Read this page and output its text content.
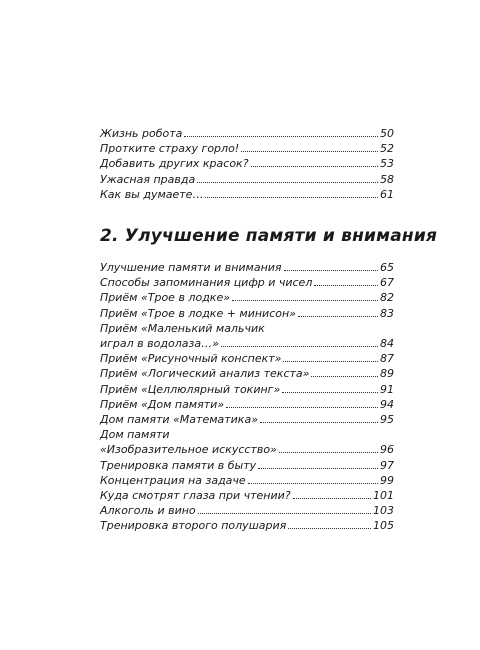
Жизнь робота	50
Протките страху горло!	52
Добавить других красок?	53
Ужасная правда	58
Как вы думаете…	61
2. Улучшение памяти и внимания
Улучшение памяти и внимания	65
Способы запоминания цифр и чисел	67
Приём «Трое в лодке»	82
Приём «Трое в лодке + минисон»	83
Приём «Маленький мальчик
играл в водолаза…»	84
Приём «Рисуночный конспект»	87
Приём «Логический анализ текста»	89
Приём «Целлюлярный токинг»	91
Приём «Дом памяти»	94
Дом памяти «Математика»	95
Дом памяти
«Изобразительное искусство»	96
Тренировка памяти в быту	97
Концентрация на задаче	99
Куда смотрят глаза при чтении?	101
Алкоголь и вино	103
Тренировка второго полушария	105
